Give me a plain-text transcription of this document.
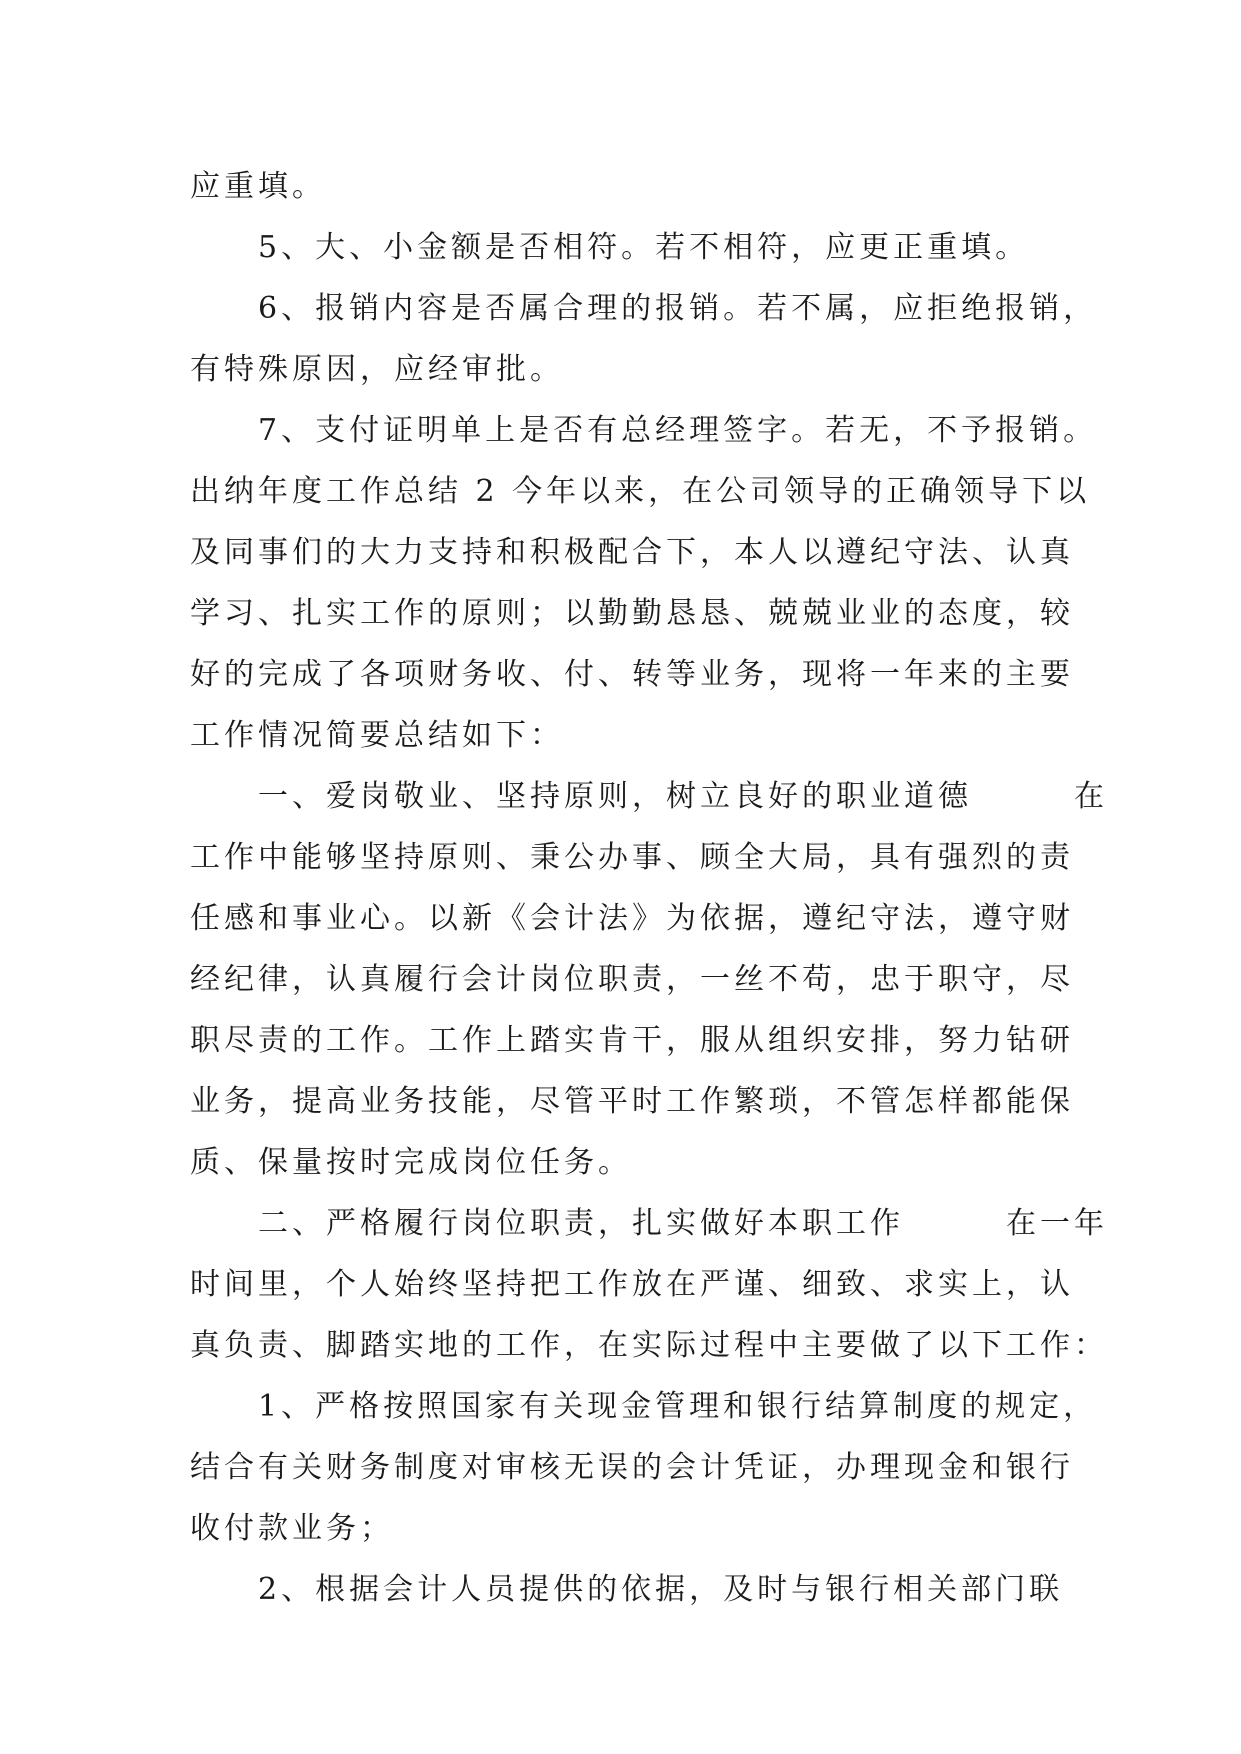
应重填。
　　5、大、小金额是否相符。若不相符，应更正重填。
　　6、报销内容是否属合理的报销。若不属，应拒绝报销，
有特殊原因，应经审批。
　　7、支付证明单上是否有总经理签字。若无，不予报销。
出纳年度工作总结 2 今年以来，在公司领导的正确领导下以
及同事们的大力支持和积极配合下，本人以遵纪守法、认真
学习、扎实工作的原则；以勤勤恳恳、兢兢业业的态度，较
好的完成了各项财务收、付、转等业务，现将一年来的主要
工作情况简要总结如下：
　　一、爱岗敬业、坚持原则，树立良好的职业道德　　　在
工作中能够坚持原则、秉公办事、顾全大局，具有强烈的责
任感和事业心。以新《会计法》为依据，遵纪守法，遵守财
经纪律，认真履行会计岗位职责，一丝不苟，忠于职守，尽
职尽责的工作。工作上踏实肯干，服从组织安排，努力钻研
业务，提高业务技能，尽管平时工作繁琐，不管怎样都能保
质、保量按时完成岗位任务。
　　二、严格履行岗位职责，扎实做好本职工作　　　在一年
时间里，个人始终坚持把工作放在严谨、细致、求实上，认
真负责、脚踏实地的工作，在实际过程中主要做了以下工作：
　　1、严格按照国家有关现金管理和银行结算制度的规定，
结合有关财务制度对审核无误的会计凭证，办理现金和银行
收付款业务；
　　2、根据会计人员提供的依据，及时与银行相关部门联
